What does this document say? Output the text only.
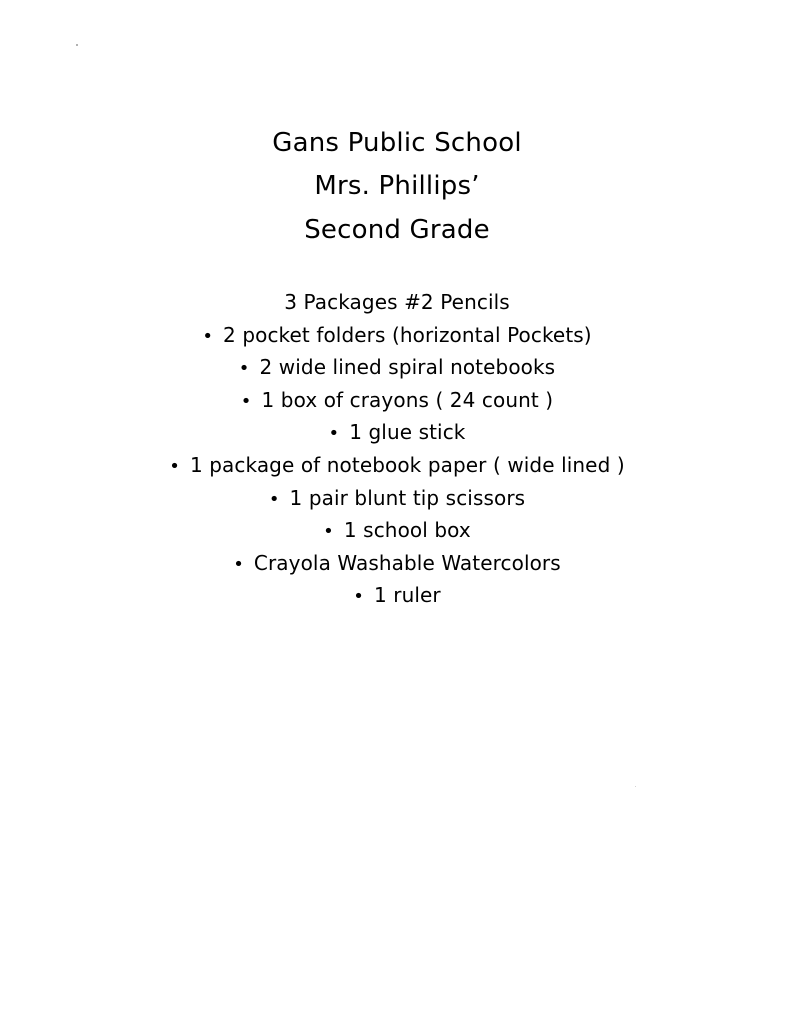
Gans Public School
Mrs. Phillips’
Second Grade
3 Packages #2 Pencils
• 2 pocket folders (horizontal Pockets)
• 2 wide lined spiral notebooks
• 1 box of crayons ( 24 count )
• 1 glue stick
• 1 package of notebook paper ( wide lined )
• 1 pair blunt tip scissors
• 1 school box
• Crayola Washable Watercolors
• 1 ruler
